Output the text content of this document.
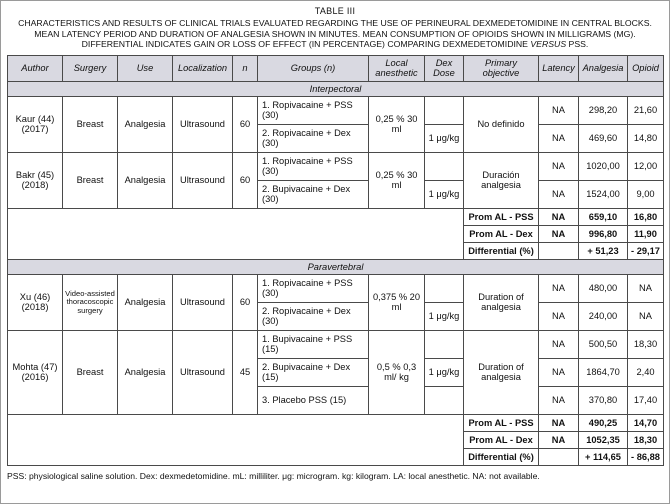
TABLE III
CHARACTERISTICS AND RESULTS OF CLINICAL TRIALS EVALUATED REGARDING THE USE OF PERINEURAL DEXMEDETOMIDINE IN CENTRAL BLOCKS. MEAN LATENCY PERIOD AND DURATION OF ANALGESIA SHOWN IN MINUTES. MEAN CONSUMPTION OF OPIOIDS SHOWN IN MILLIGRAMS (MG). DIFFERENTIAL INDICATES GAIN OR LOSS OF EFFECT (IN PERCENTAGE) COMPARING DEXMEDETOMIDINE VERSUS PSS.
Author	Surgery	Use	Localization	n	Groups (n)	Local anesthetic	Dex Dose	Primary objective	Latency	Analgesia	Opioid
Interpectoral											
Kaur (44) (2017)	Breast	Analgesia	Ultrasound	60	1. Ropivacaine + PSS (30)	0,25 % 30 ml		No definido	NA	298,20	21,60
					2. Ropivacaine + Dex (30)		1 μg/kg		NA	469,60	14,80
Bakr (45) (2018)	Breast	Analgesia	Ultrasound	60	1. Ropivacaine + PSS (30)	0,25 % 30 ml		Duración analgesia	NA	1020,00	12,00
					2. Bupivacaine + Dex (30)		1 μg/kg		NA	1524,00	9,00
								Prom AL - PSS	NA	659,10	16,80
								Prom AL - Dex	NA	996,80	11,90
								Differential (%)		+ 51,23	- 29,17
Paravertebral											
Xu (46) (2018)	Video-assisted thoracoscopic surgery	Analgesia	Ultrasound	60	1. Ropivacaine + PSS (30)	0,375 % 20 ml		Duration of analgesia	NA	480,00	NA
					2. Ropivacaine + Dex (30)		1 μg/kg		NA	240,00	NA
Mohta (47) (2016)	Breast	Analgesia	Ultrasound	45	1. Bupivacaine + PSS (15)	0,5 % 0,3 ml/ kg		Duration of analgesia	NA	500,50	18,30
					2. Bupivacaine + Dex (15)		1 μg/kg		NA	1864,70	2,40
					3. Placebo PSS (15)				NA	370,80	17,40
								Prom AL - PSS	NA	490,25	14,70
								Prom AL - Dex	NA	1052,35	18,30
								Differential (%)		+ 114,65	- 86,88
PSS: physiological saline solution. Dex: dexmedetomidine. mL: milliliter. μg: microgram. kg: kilogram. LA: local anesthetic. NA: not available.
